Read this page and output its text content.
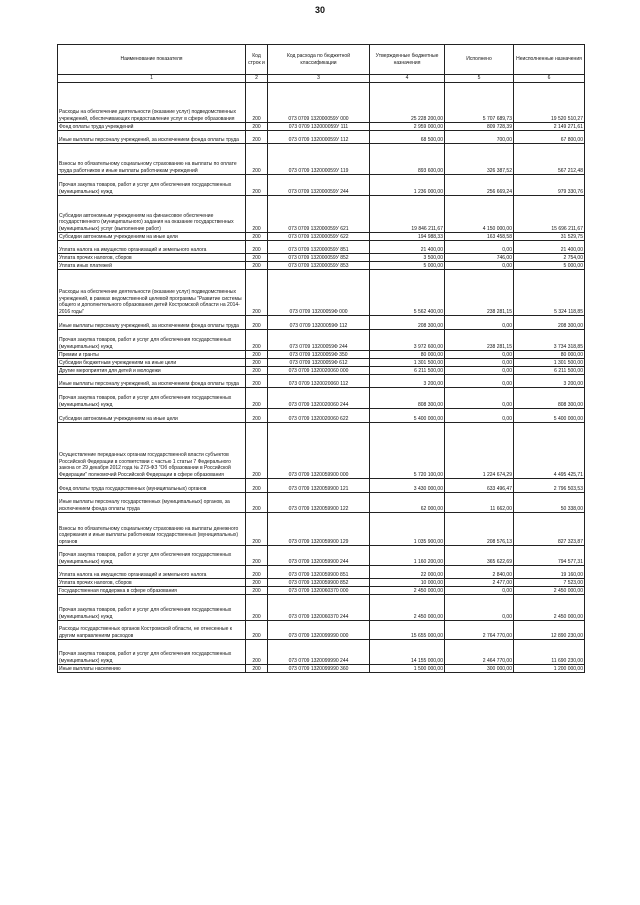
30
Наименование показателя	Код строк и	Код расхода по бюджетной классификации	Утвержденные бюджетные назначения	Исполнено	Неисполненные назначения
1	2	3	4	5	6
Расходы на обеспечение деятельности (оказание услуг) подведомственных учреждений, обеспечивающих предоставление услуг в сфере образования	200	073 0709 132000059У 000	25 228 200,00	5 707 689,73	19 520 510,27
Фонд оплаты труда учреждений	200	073 0709 132000059У 111	2 959 000,00	809 728,39	2 149 271,61
Иные выплаты персоналу учреждений, за исключением фонда оплаты труда	200	073 0709 132000059У 112	68 500,00	700,00	67 800,00
Взносы по обязательному социальному страхованию на выплаты по оплате труда работников и иные выплаты работникам учреждений	200	073 0709 132000059У 119	893 600,00	326 387,52	567 212,48
Прочая закупка товаров, работ и услуг для обеспечения государственных (муниципальных) нужд	200	073 0709 132000059У 244	1 236 000,00	256 669,24	979 330,76
Субсидии автономным учреждениям на финансовое обеспечение государственного (муниципального) задания на оказание государственных (муниципальных) услуг (выполнение работ)	200	073 0709 132000059У 621	19 846 211,67	4 150 000,00	15 696 211,67
Субсидии автономным учреждениям на иные цели	200	073 0709 132000059У 622	194 988,33	163 458,58	31 529,75
Уплата налога на имущество организаций и земельного налога	200	073 0709 132000059У 851	21 400,00	0,00	21 400,00
Уплата прочих налогов, сборов	200	073 0709 132000059У 852	3 500,00	746,00	2 754,00
Уплата иных платежей	200	073 0709 132000059У 853	5 000,00	0,00	5 000,00
Расходы на обеспечение деятельности (оказание услуг) подведомственных учреждений, в рамках ведомственной целевой программы "Развитие системы общего и дополнительного образования детей Костромской области на 2014-2016 годы"	200	073 0709 13200059Ф 000	5 562 400,00	238 281,15	5 324 118,85
Иные выплаты персоналу учреждений, за исключением фонда оплаты труда	200	073 0709 13200059Ф 112	208 300,00	0,00	208 300,00
Прочая закупка товаров, работ и услуг для обеспечения государственных (муниципальных) нужд	200	073 0709 13200059Ф 244	3 972 600,00	238 281,15	3 734 318,85
Премии и гранты	200	073 0709 13200059Ф 350	80 000,00	0,00	80 000,00
Субсидии бюджетным учреждениям на иные цели	200	073 0709 13200059Ф 612	1 301 500,00	0,00	1 301 500,00
Другие мероприятия для детей и молодежи	200	073 0709 1320020060 000	6 211 500,00	0,00	6 211 500,00
Иные выплаты персоналу учреждений, за исключением фонда оплаты труда	200	073 0709 1320020060 112	3 200,00	0,00	3 200,00
Прочая закупка товаров, работ и услуг для обеспечения государственных (муниципальных) нужд	200	073 0709 1320020060 244	808 300,00	0,00	808 300,00
Субсидии автономным учреждениям на иные цели	200	073 0709 1320020060 622	5 400 000,00	0,00	5 400 000,00
Осуществление переданных органам государственной власти субъектов Российской Федерации в соответствии с частью 1 статьи 7 Федерального закона от 29 декабря 2012 года № 273-ФЗ "Об образовании в Российской Федерации" полномочий Российской Федерации в сфере образования	200	073 0709 1320059900 000	5 720 100,00	1 224 674,29	4 495 425,71
Фонд оплаты труда государственных (муниципальных) органов	200	073 0709 1320059900 121	3 430 000,00	633 496,47	2 796 503,53
Иные выплаты персоналу государственных (муниципальных) органов, за исключением фонда оплаты труда	200	073 0709 1320059900 122	62 000,00	11 662,00	50 338,00
Взносы по обязательному социальному страхованию на выплаты денежного содержания и иные выплаты работникам государственных (муниципальных) органов	200	073 0709 1320059900 129	1 035 900,00	208 576,13	827 323,87
Прочая закупка товаров, работ и услуг для обеспечения государственных (муниципальных) нужд	200	073 0709 1320059900 244	1 160 200,00	365 622,69	794 577,31
Уплата налога на имущество организаций и земельного налога	200	073 0709 1320059900 851	22 000,00	2 840,00	19 160,00
Уплата прочих налогов, сборов	200	073 0709 1320059900 852	10 000,00	2 477,00	7 523,00
Государственная поддержка в сфере образования	200	073 0709 1320060370 000	2 450 000,00	0,00	2 450 000,00
Прочая закупка товаров, работ и услуг для обеспечения государственных (муниципальных) нужд	200	073 0709 1320060370 244	2 450 000,00	0,00	2 450 000,00
Расходы государственных органов Костромской области, не отнесенные к другим направлениям расходов	200	073 0709 1320099990 000	15 655 000,00	2 764 770,00	12 890 230,00
Прочая закупка товаров, работ и услуг для обеспечения государственных (муниципальных) нужд	200	073 0709 1320099990 244	14 155 000,00	2 464 770,00	11 690 230,00
Иные выплаты населению	200	073 0709 1320099990 360	1 500 000,00	300 000,00	1 200 000,00
